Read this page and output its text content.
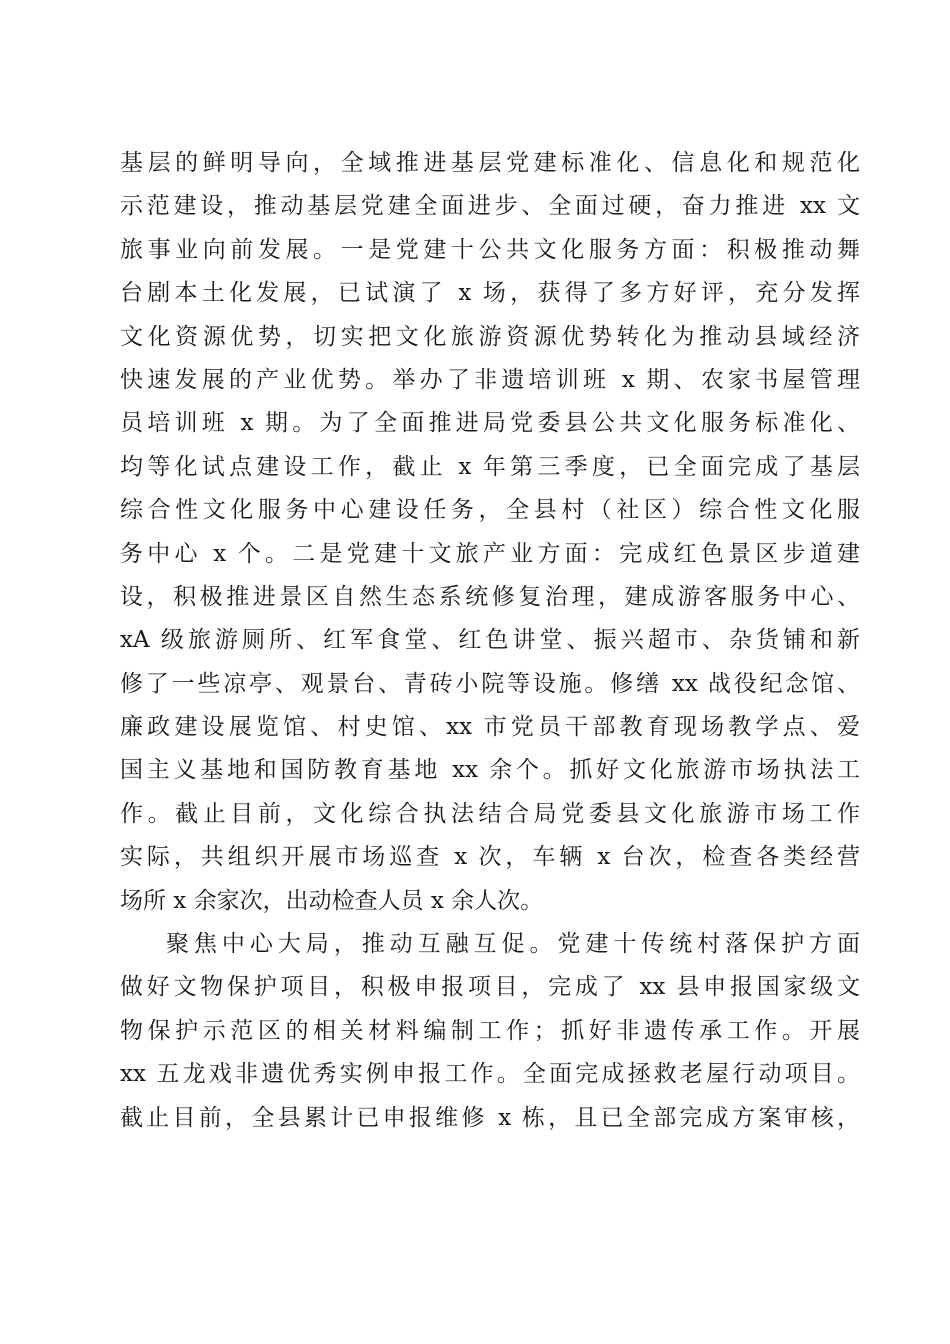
基层的鲜明导向，全域推进基层党建标准化、信息化和规范化
示范建设，推动基层党建全面进步、全面过硬，奋力推进 xx 文
旅事业向前发展。一是党建十公共文化服务方面：积极推动舞
台剧本土化发展，已试演了 x 场，获得了多方好评，充分发挥
文化资源优势，切实把文化旅游资源优势转化为推动县域经济
快速发展的产业优势。举办了非遗培训班 x 期、农家书屋管理
员培训班 x 期。为了全面推进局党委县公共文化服务标准化、
均等化试点建设工作，截止 x 年第三季度，已全面完成了基层
综合性文化服务中心建设任务，全县村（社区）综合性文化服
务中心 x 个。二是党建十文旅产业方面：完成红色景区步道建
设，积极推进景区自然生态系统修复治理，建成游客服务中心、
xA 级旅游厕所、红军食堂、红色讲堂、振兴超市、杂货铺和新
修了一些凉亭、观景台、青砖小院等设施。修缮 xx 战役纪念馆、
廉政建设展览馆、村史馆、xx 市党员干部教育现场教学点、爱
国主义基地和国防教育基地 xx 余个。抓好文化旅游市场执法工
作。截止目前，文化综合执法结合局党委县文化旅游市场工作
实际，共组织开展市场巡查 x 次，车辆 x 台次，检查各类经营
场所 x 余家次，出动检查人员 x 余人次。
聚焦中心大局，推动互融互促。党建十传统村落保护方面
做好文物保护项目，积极申报项目，完成了 xx 县申报国家级文
物保护示范区的相关材料编制工作；抓好非遗传承工作。开展
xx 五龙戏非遗优秀实例申报工作。全面完成拯救老屋行动项目。
截止目前，全县累计已申报维修 x 栋，且已全部完成方案审核，
